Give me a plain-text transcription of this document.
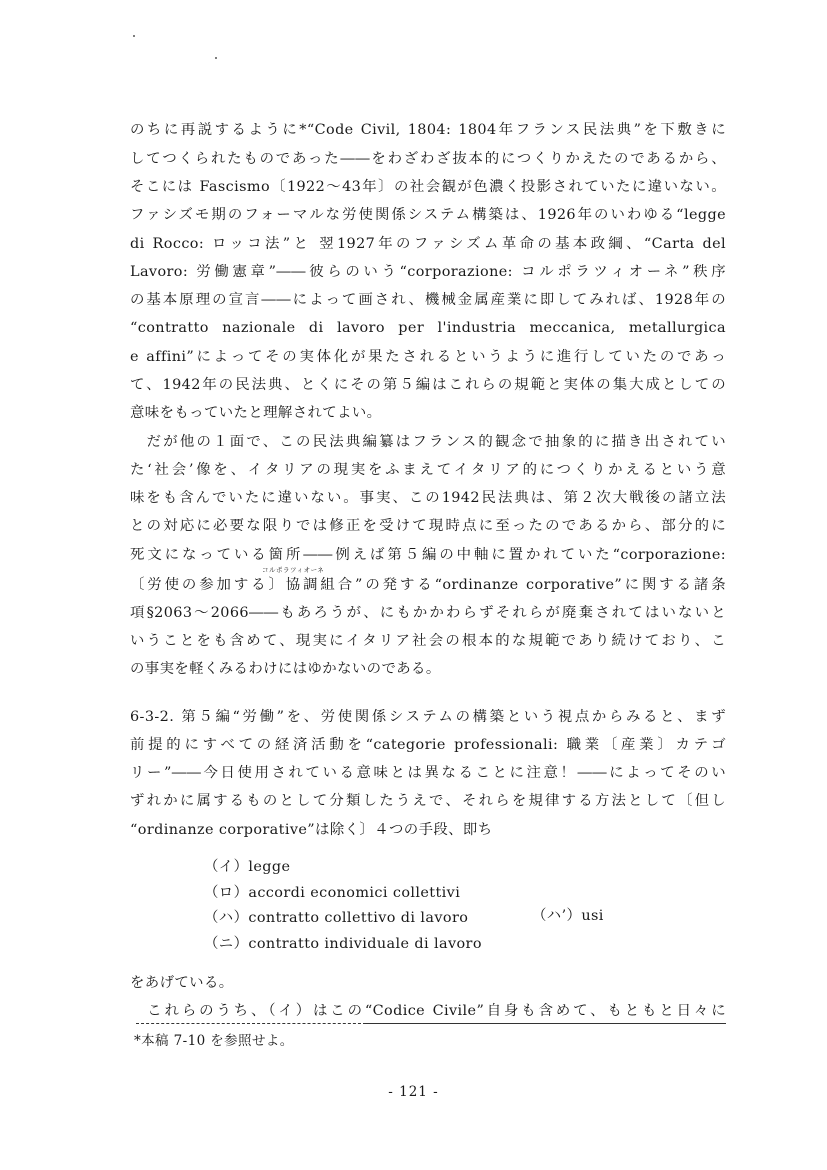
のちに再説するように*“Code Civil, 1804: 1804年フランス民法典”を下敷きに
してつくられたものであった――をわざわざ抜本的につくりかえたのであるから、
そこには Fascismo〔1922～43年〕の社会観が色濃く投影されていたに違いない。
ファシズモ期のフォーマルな労使関係システム構築は、1926年のいわゆる“legge
di Rocco: ロッコ法”と 翌1927年のファシズム革命の基本政綱、“Carta del
Lavoro: 労働憲章”――彼らのいう“corporazione: コルポラツィオーネ”秩序
の基本原理の宣言――によって画され、機械金属産業に即してみれば、1928年の
“contratto nazionale di lavoro per l'industria meccanica, metallurgica
e affini”によってその実体化が果たされるというように進行していたのであっ
て、1942年の民法典、とくにその第５編はこれらの規範と実体の集大成としての
意味をもっていたと理解されてよい。
　だが他の１面で、この民法典編纂はフランス的観念で抽象的に描き出されてい
た‘社会’像を、イタリアの現実をふまえてイタリア的につくりかえるという意
味をも含んでいたに違いない。事実、この1942民法典は、第２次大戦後の諸立法
との対応に必要な限りでは修正を受けて現時点に至ったのであるから、部分的に
死文になっている箇所――例えば第５編の中軸に置かれていた“corporazione:
コルポラツィオーネ
〔労使の参加する〕協調組合”の発する“ordinanze corporative”に関する諸条
項§2063～2066――もあろうが、にもかかわらずそれらが廃棄されてはいないと
いうことをも含めて、現実にイタリア社会の根本的な規範であり続けており、こ
の事実を軽くみるわけにはゆかないのである。
6-3-2. 第５編“労働”を、労使関係システムの構築という視点からみると、まず
前提的にすべての経済活動を“categorie professionali: 職業〔産業〕カテゴ
リー”――今日使用されている意味とは異なることに注意！――によってそのい
ずれかに属するものとして分類したうえで、それらを規律する方法として〔但し
“ordinanze corporative”は除く〕４つの手段、即ち
（イ）legge
（ロ）accordi economici collettivi
（ハ）contratto collettivo di lavoro	（ハ’）usi
（ニ）contratto individuale di lavoro
をあげている。
　これらのうち、（イ）はこの“Codice Civile”自身も含めて、もともと日々に
*本稿 7-10 を参照せよ。
- 121 -
